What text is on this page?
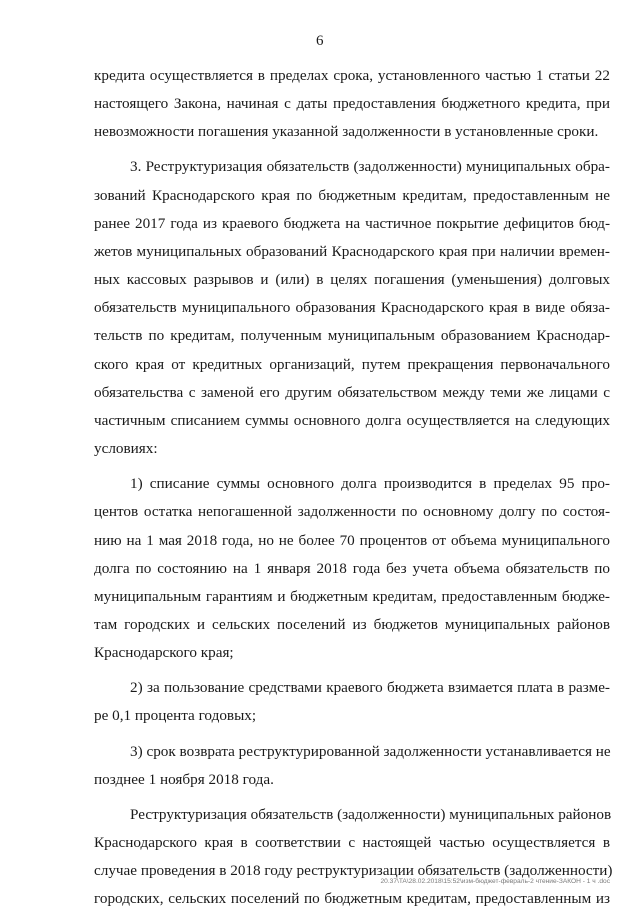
6

кредита осуществляется в пределах срока, установленного частью 1 статьи 22
настоящего Закона, начиная с даты предоставления бюджетного кредита, при
невозможности погашения указанной задолженности в установленные сроки.

3. Реструктуризация обязательств (задолженности) муниципальных обра-
зований Краснодарского края по бюджетным кредитам, предоставленным не
ранее 2017 года из краевого бюджета на частичное покрытие дефицитов бюд-
жетов муниципальных образований Краснодарского края при наличии времен-
ных кассовых разрывов и (или) в целях погашения (уменьшения) долговых
обязательств муниципального образования Краснодарского края в виде обяза-
тельств по кредитам, полученным муниципальным образованием Краснодар-
ского края от кредитных организаций, путем прекращения первоначального
обязательства с заменой его другим обязательством между теми же лицами с
частичным списанием суммы основного долга осуществляется на следующих
условиях:

1) списание суммы основного долга производится в пределах 95 про-
центов остатка непогашенной задолженности по основному долгу по состоя-
нию на 1 мая 2018 года, но не более 70 процентов от объема муниципального
долга по состоянию на 1 января 2018 года без учета объема обязательств по
муниципальным гарантиям и бюджетным кредитам, предоставленным бюдже-
там городских и сельских поселений из бюджетов муниципальных районов
Краснодарского края;

2) за пользование средствами краевого бюджета взимается плата в разме-
ре 0,1 процента годовых;

3) срок возврата реструктурированной задолженности устанавливается не
позднее 1 ноября 2018 года.

Реструктуризация обязательств (задолженности) муниципальных районов
Краснодарского края в соответствии с настоящей частью осуществляется в
случае проведения в 2018 году реструктуризации обязательств (задолженности)
городских, сельских поселений по бюджетным кредитам, предоставленным из

20.37\TA\28.02.2018\15:52\изм-бюджет-февраль-2 чтение-ЗАКОН - 1 ч .doc
